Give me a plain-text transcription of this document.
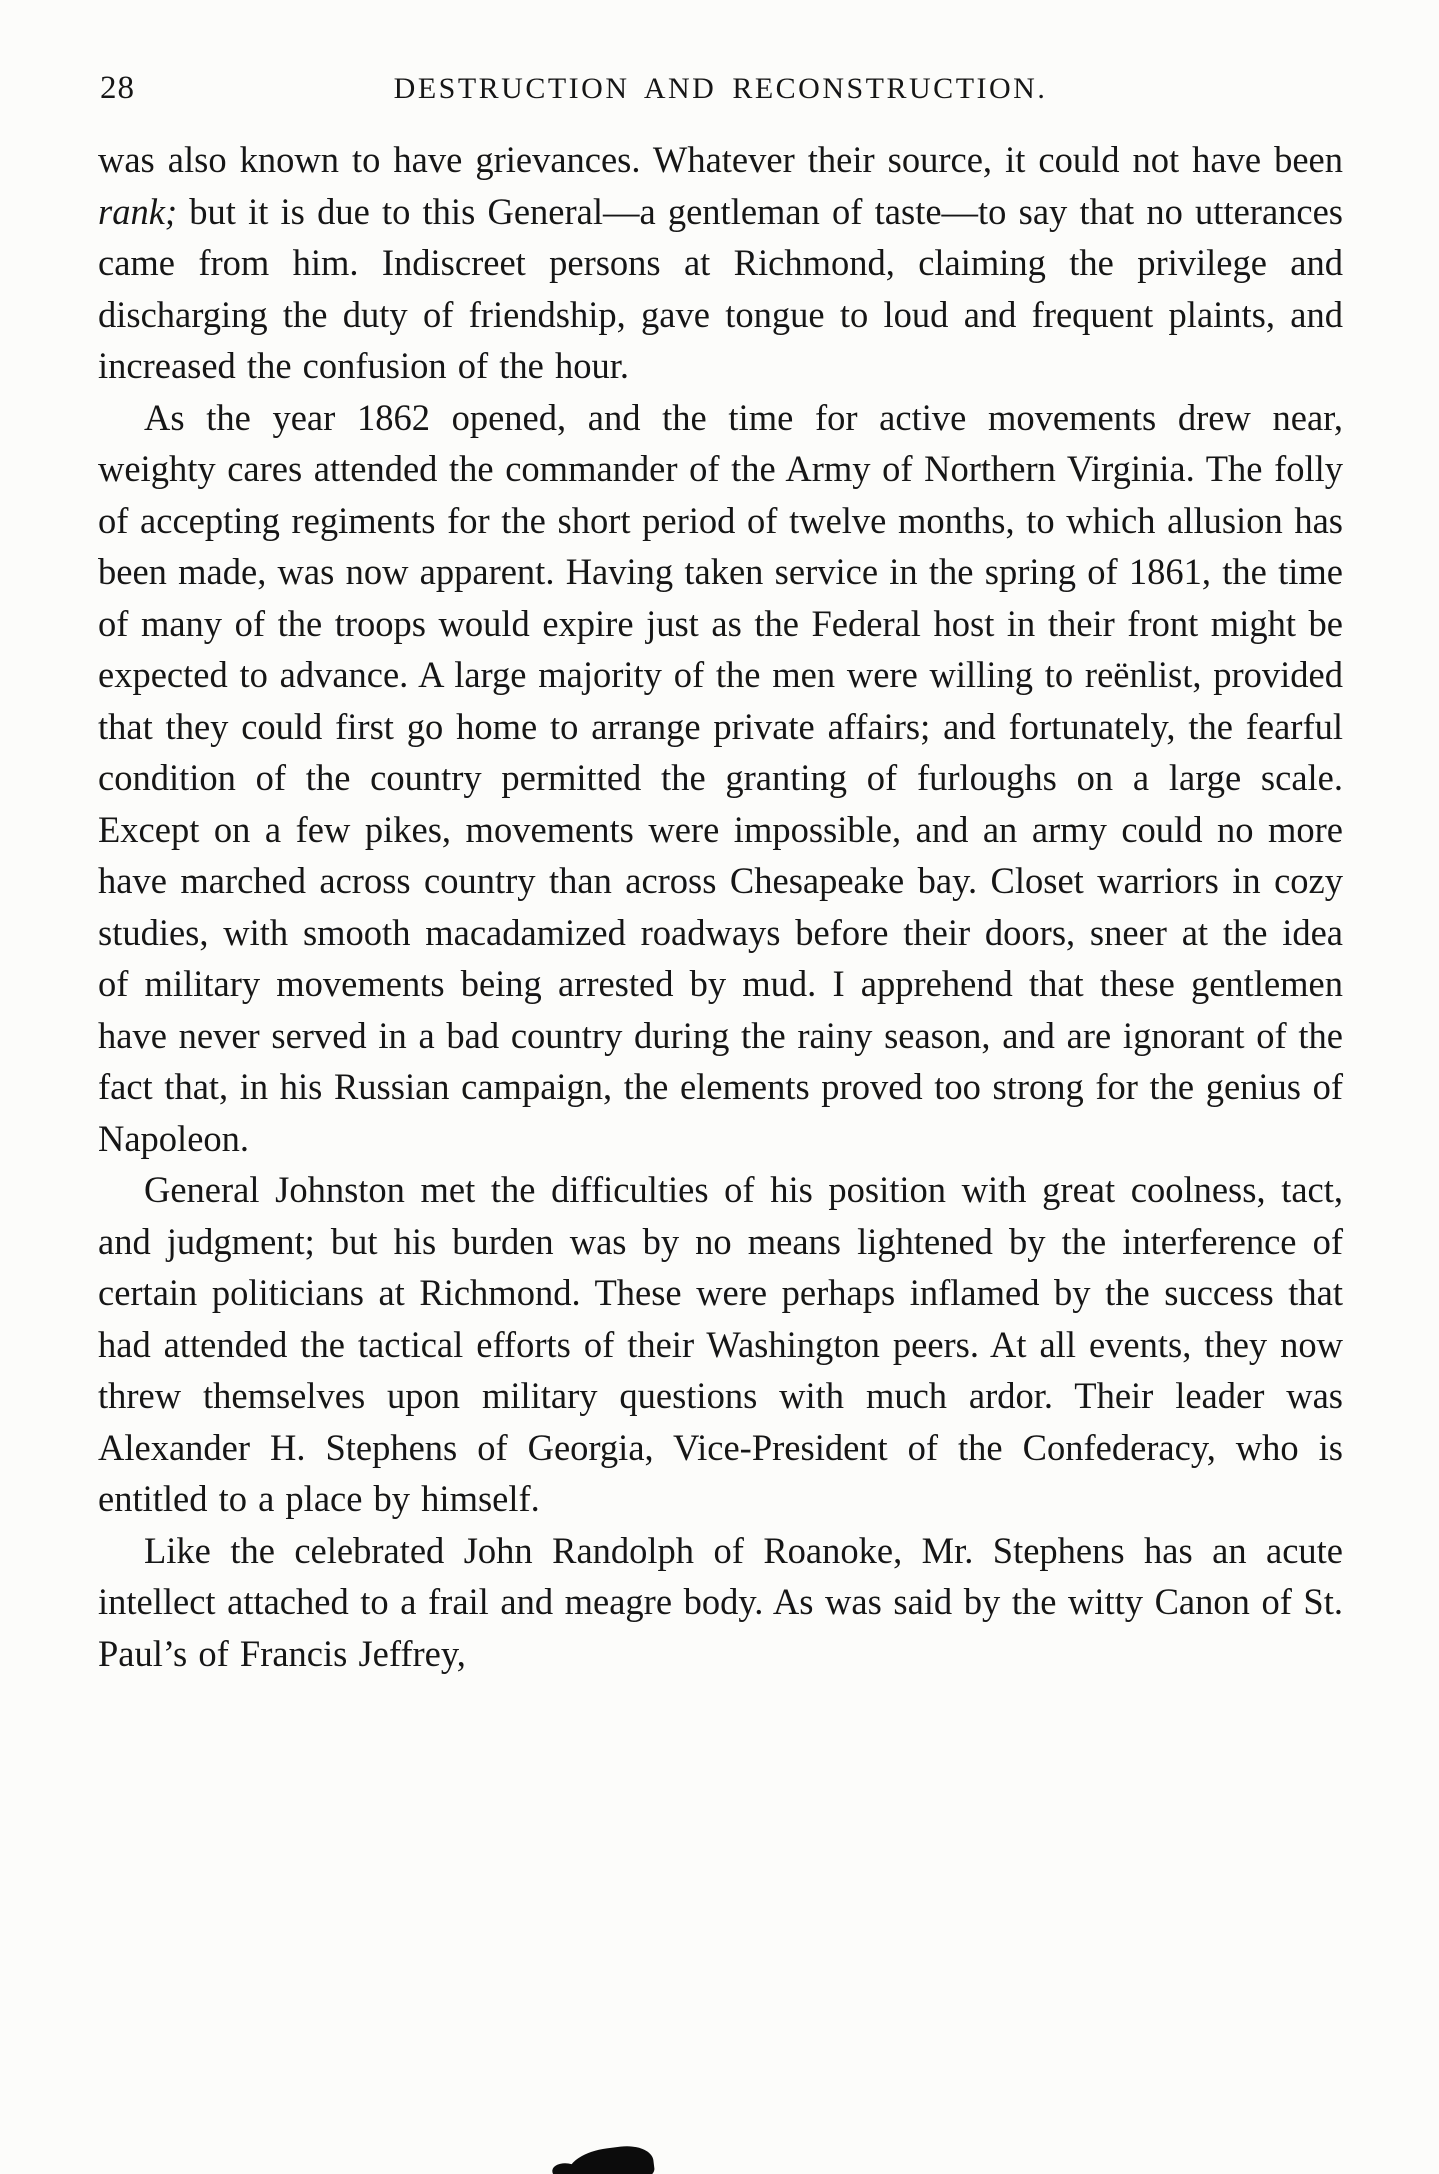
28	DESTRUCTION AND RECONSTRUCTION.

was also known to have grievances. Whatever their source, it could not have been rank; but it is due to this General—a gentleman of taste—to say that no utterances came from him. Indiscreet persons at Richmond, claiming the privilege and discharging the duty of friendship, gave tongue to loud and frequent plaints, and increased the confusion of the hour.

As the year 1862 opened, and the time for active movements drew near, weighty cares attended the commander of the Army of Northern Virginia. The folly of accepting regiments for the short period of twelve months, to which allusion has been made, was now apparent. Having taken service in the spring of 1861, the time of many of the troops would expire just as the Federal host in their front might be expected to advance. A large majority of the men were willing to reënlist, provided that they could first go home to arrange private affairs; and fortunately, the fearful condition of the country permitted the granting of furloughs on a large scale. Except on a few pikes, movements were impossible, and an army could no more have marched across country than across Chesapeake bay. Closet warriors in cozy studies, with smooth macadamized roadways before their doors, sneer at the idea of military movements being arrested by mud. I apprehend that these gentlemen have never served in a bad country during the rainy season, and are ignorant of the fact that, in his Russian campaign, the elements proved too strong for the genius of Napoleon.

General Johnston met the difficulties of his position with great coolness, tact, and judgment; but his burden was by no means lightened by the interference of certain politicians at Richmond. These were perhaps inflamed by the success that had attended the tactical efforts of their Washington peers. At all events, they now threw themselves upon military questions with much ardor. Their leader was Alexander H. Stephens of Georgia, Vice-President of the Confederacy, who is entitled to a place by himself.

Like the celebrated John Randolph of Roanoke, Mr. Stephens has an acute intellect attached to a frail and meagre body. As was said by the witty Canon of St. Paul’s of Francis Jeffrey,
